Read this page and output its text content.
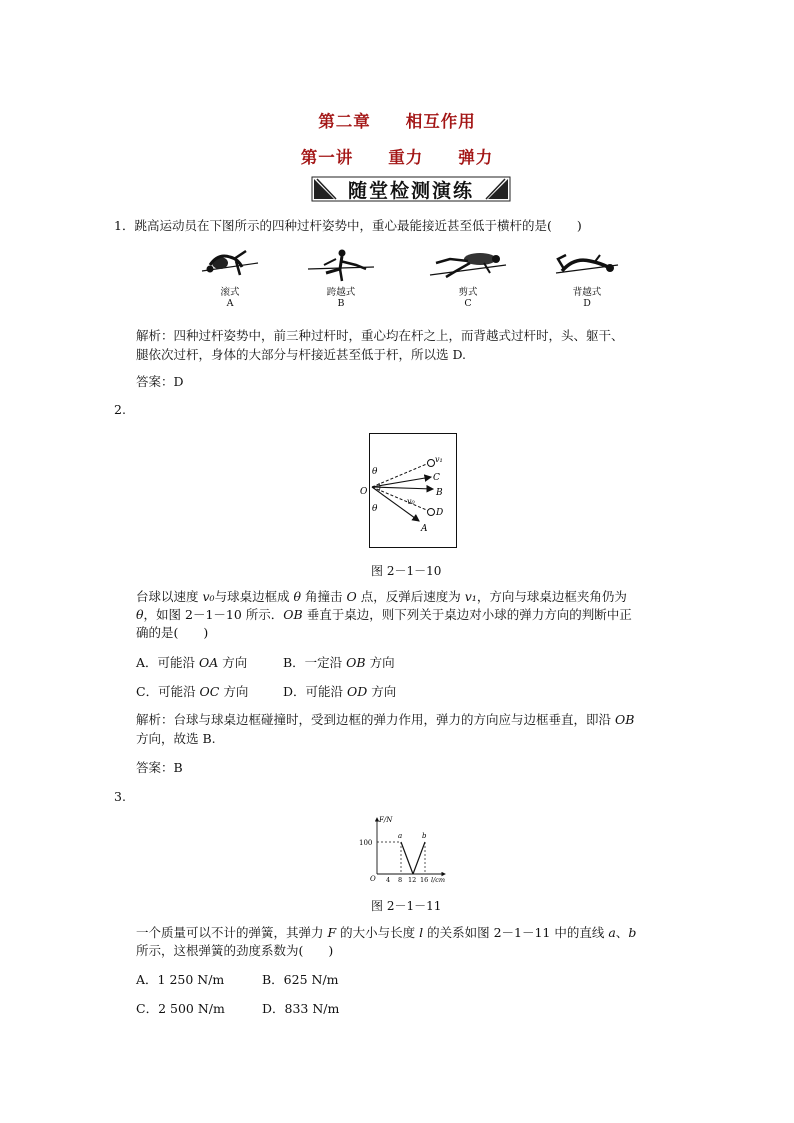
第二章　　相互作用
第一讲　　重力　　弹力
随堂检测演练
1．跳高运动员在下图所示的四种过杆姿势中，重心最能接近甚至低于横杆的是(　　)
滚式
A
跨越式
B
剪式
C
背越式
D
解析：四种过杆姿势中，前三种过杆时，重心均在杆之上，而背越式过杆时，头、躯干、
腿依次过杆，身体的大部分与杆接近甚至低于杆，所以选 D.
答案：D
2.
θ
θ
O
v₁
v₀
C
B
D
A
图 2－1－10
台球以速度 v₀与球桌边框成 θ 角撞击 O 点，反弹后速度为 v₁，方向与球桌边框夹角仍为
θ，如图 2－1－10 所示．OB 垂直于桌边，则下列关于桌边对小球的弹力方向的判断中正
确的是(　　)
A．可能沿 OA 方向	B．一定沿 OB 方向
C．可能沿 OC 方向	D．可能沿 OD 方向
解析：台球与球桌边框碰撞时，受到边框的弹力作用，弹力的方向应与边框垂直，即沿 OB
方向，故选 B.
答案：B
3.
F/N
100
O 4 8 12 16 l/cm
a	b
图 2－1－11
一个质量可以不计的弹簧，其弹力 F 的大小与长度 l 的关系如图 2－1－11 中的直线 a、b
所示，这根弹簧的劲度系数为(　　)
A．1 250 N/m	B．625 N/m
C．2 500 N/m	D．833 N/m
